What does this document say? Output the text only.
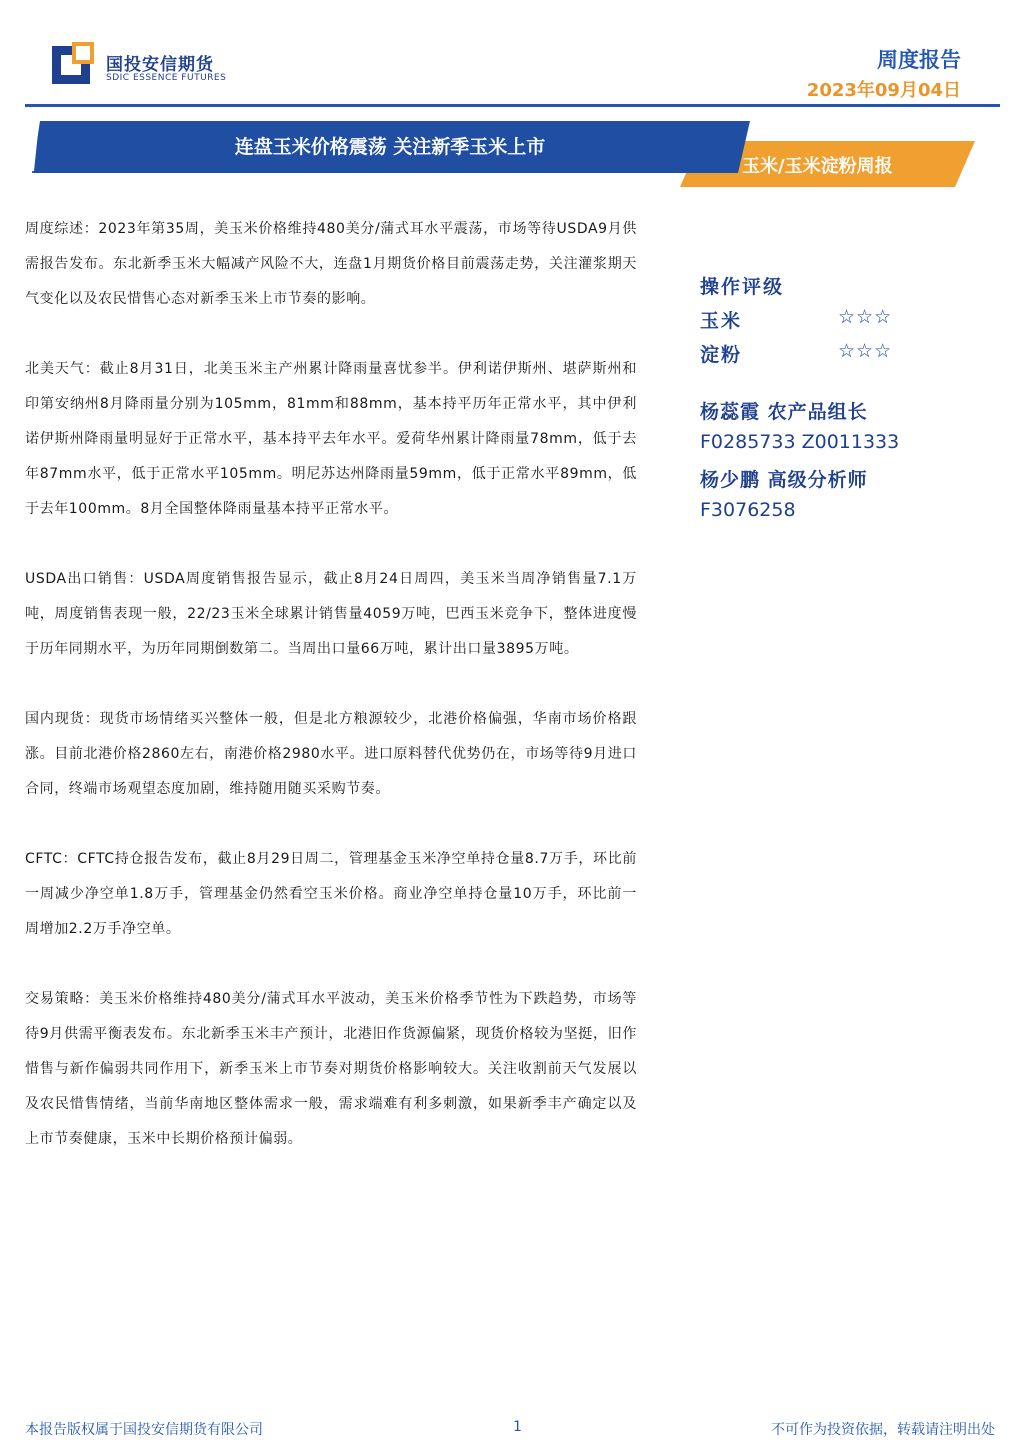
国投安信期货
SDIC ESSENCE FUTURES
周度报告
2023年09月04日
连盘玉米价格震荡 关注新季玉米上市
玉米/玉米淀粉周报

周度综述：2023年第35周，美玉米价格维持480美分/蒲式耳水平震荡，市场等待USDA9月供需报告发布。东北新季玉米大幅减产风险不大，连盘1月期货价格目前震荡走势，关注灌浆期天气变化以及农民惜售心态对新季玉米上市节奏的影响。

北美天气：截止8月31日，北美玉米主产州累计降雨量喜忧参半。伊利诺伊斯州、堪萨斯州和印第安纳州8月降雨量分别为105mm，81mm和88mm，基本持平历年正常水平，其中伊利诺伊斯州降雨量明显好于正常水平，基本持平去年水平。爱荷华州累计降雨量78mm，低于去年87mm水平，低于正常水平105mm。明尼苏达州降雨量59mm，低于正常水平89mm，低于去年100mm。8月全国整体降雨量基本持平正常水平。

USDA出口销售：USDA周度销售报告显示，截止8月24日周四，美玉米当周净销售量7.1万吨，周度销售表现一般，22/23玉米全球累计销售量4059万吨，巴西玉米竞争下，整体进度慢于历年同期水平，为历年同期倒数第二。当周出口量66万吨，累计出口量3895万吨。

国内现货：现货市场情绪买兴整体一般，但是北方粮源较少，北港价格偏强，华南市场价格跟涨。目前北港价格2860左右，南港价格2980水平。进口原料替代优势仍在，市场等待9月进口合同，终端市场观望态度加剧，维持随用随买采购节奏。

CFTC：CFTC持仓报告发布，截止8月29日周二，管理基金玉米净空单持仓量8.7万手，环比前一周减少净空单1.8万手，管理基金仍然看空玉米价格。商业净空单持仓量10万手，环比前一周增加2.2万手净空单。

交易策略：美玉米价格维持480美分/蒲式耳水平波动，美玉米价格季节性为下跌趋势，市场等待9月供需平衡表发布。东北新季玉米丰产预计，北港旧作货源偏紧，现货价格较为坚挺，旧作惜售与新作偏弱共同作用下，新季玉米上市节奏对期货价格影响较大。关注收割前天气发展以及农民惜售情绪，当前华南地区整体需求一般，需求端难有利多刺激，如果新季丰产确定以及上市节奏健康，玉米中长期价格预计偏弱。

操作评级
玉米	☆☆☆
淀粉	☆☆☆
杨蕊霞 农产品组长
F0285733 Z0011333
杨少鹏 高级分析师
F3076258
本报告版权属于国投安信期货有限公司	1	不可作为投资依据，转载请注明出处
